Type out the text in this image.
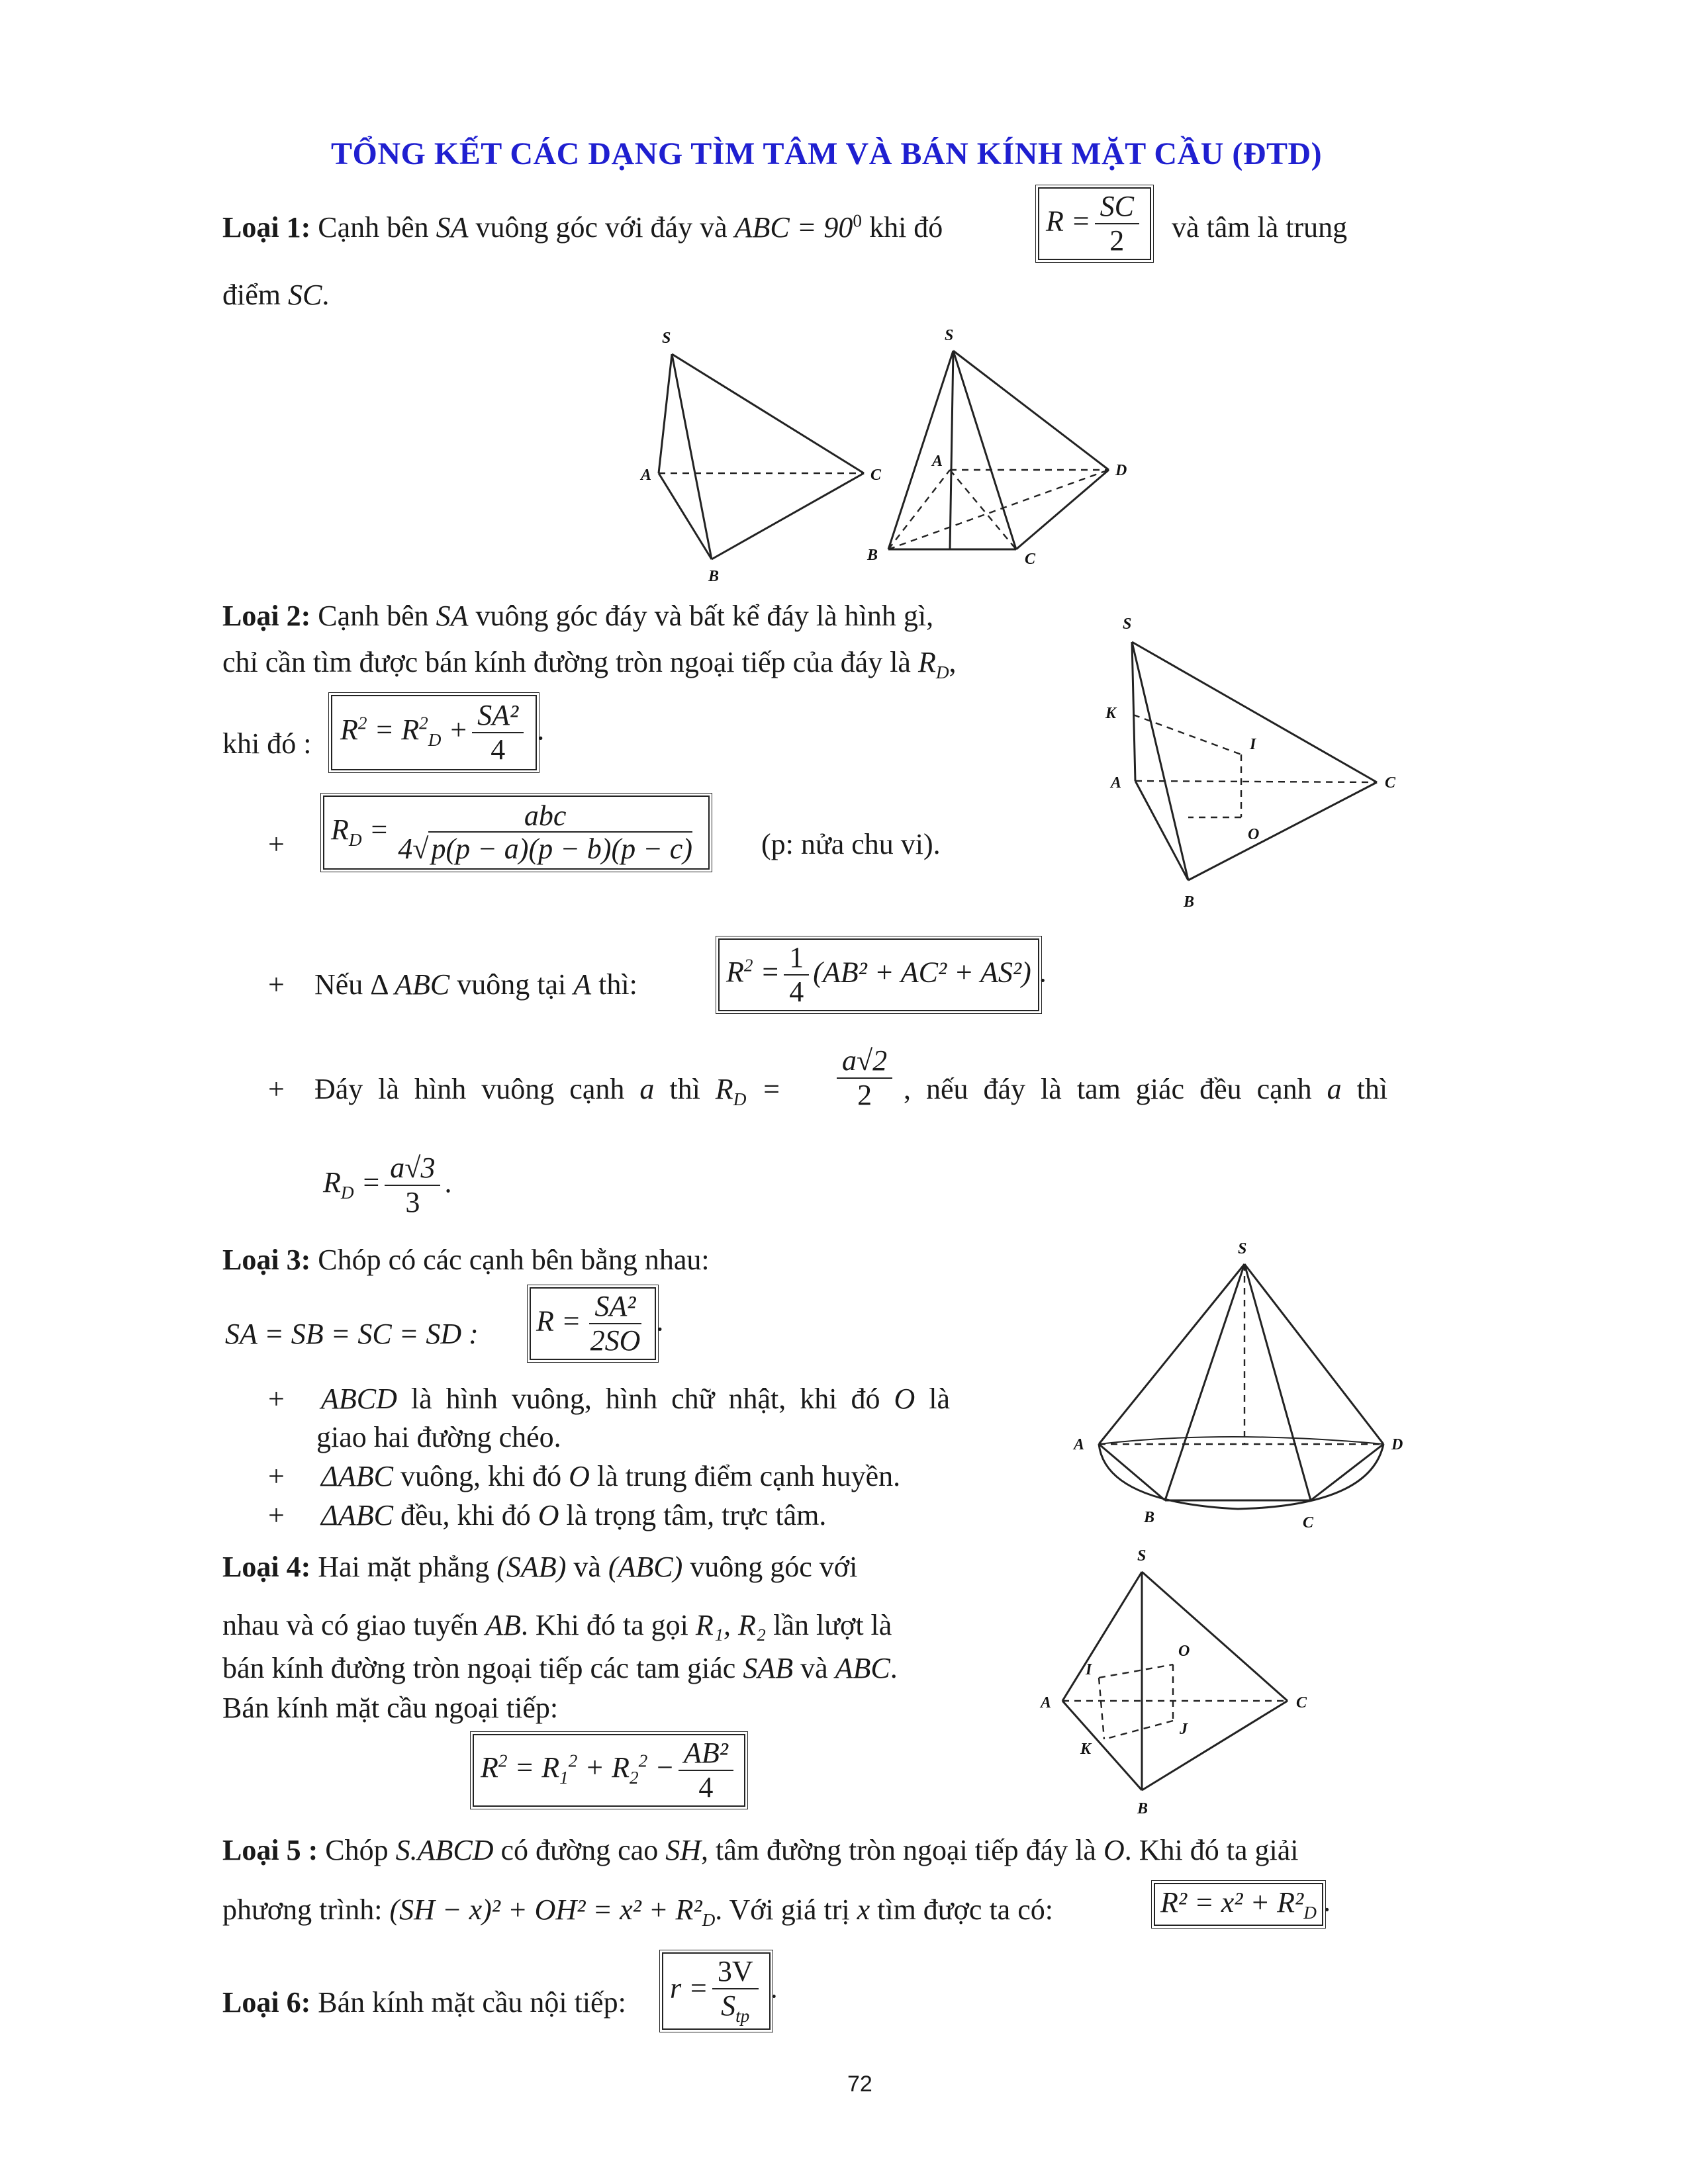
TỔNG KẾT CÁC DẠNG TÌM TÂM VÀ BÁN KÍNH MẶT CẦU (ĐTD)
Loại 1: Cạnh bên SA vuông góc với đáy và ABC = $90^0$ khi đó	$R = \frac{SC}{2}$ và tâm là trung
điểm SC.
S
A	C
B
S
A
D
B	C
Loại 2: Cạnh bên SA vuông góc đáy và bất kể đáy là hình gì,
chỉ cần tìm được bán kính đường tròn ngoại tiếp của đáy là $R_D$,
khi đó : $R^2 = R^2_D + \frac{\text{SA²}}{4}$ .
+ $R_D = \frac{\text{abc}}{4√p(p - a)(p - b)(p - c)} (p$: nửa chu vi).
+ Nếu Δ ABC vuông tại A thì:	$R^2 = \frac{1}{4} (AB^2 + AC^2 + AS^2)$ .
+ Đáy là hình vuông cạnh a thì $R_D = \frac{a√2}{2}$ , nếu đáy là tam giác đều cạnh a thì
$R_D = \frac{a√3}{3}$ .
S
K
I
A	C
O
B
Loại 3: Chóp có các cạnh bên bằng nhau:
SA = SB = SC = SD : $R = \frac{\text{SA²}}{2SO}$ .
+ ABCD là hình vuông, hình chữ nhật, khi đó O là
giao hai đường chéo.
+ ΔABC vuông, khi đó O là trung điểm cạnh huyền.
+ ΔABC đều, khi đó O là trọng tâm, trực tâm.
S
A	D
B	C
Loại 4: Hai mặt phẳng (SAB) và (ABC) vuông góc với
nhau và có giao tuyến AB. Khi đó ta gọi R₁, R₂ lần lượt là
bán kính đường tròn ngoại tiếp các tam giác SAB và ABC.
Bán kính mặt cầu ngoại tiếp:
$R^2 = R_1^2 + R_2^2 - \frac{\text{AB²}}{4}$
S
O
I
A	C
J
K
B
Loại 5 : Chóp S.ABCD có đường cao SH, tâm đường tròn ngoại tiếp đáy là O. Khi đó ta giải
phương trình: $(SH - x)^2 + OH^2 = x^2 + R^2_D$. Với giá trị x tìm được ta có:	$R^2 = x^2 + R^2_D$ .
Loại 6: Bán kính mặt cầu nội tiếp: $r = \frac{3V}{S_{tp}}$ .
72
